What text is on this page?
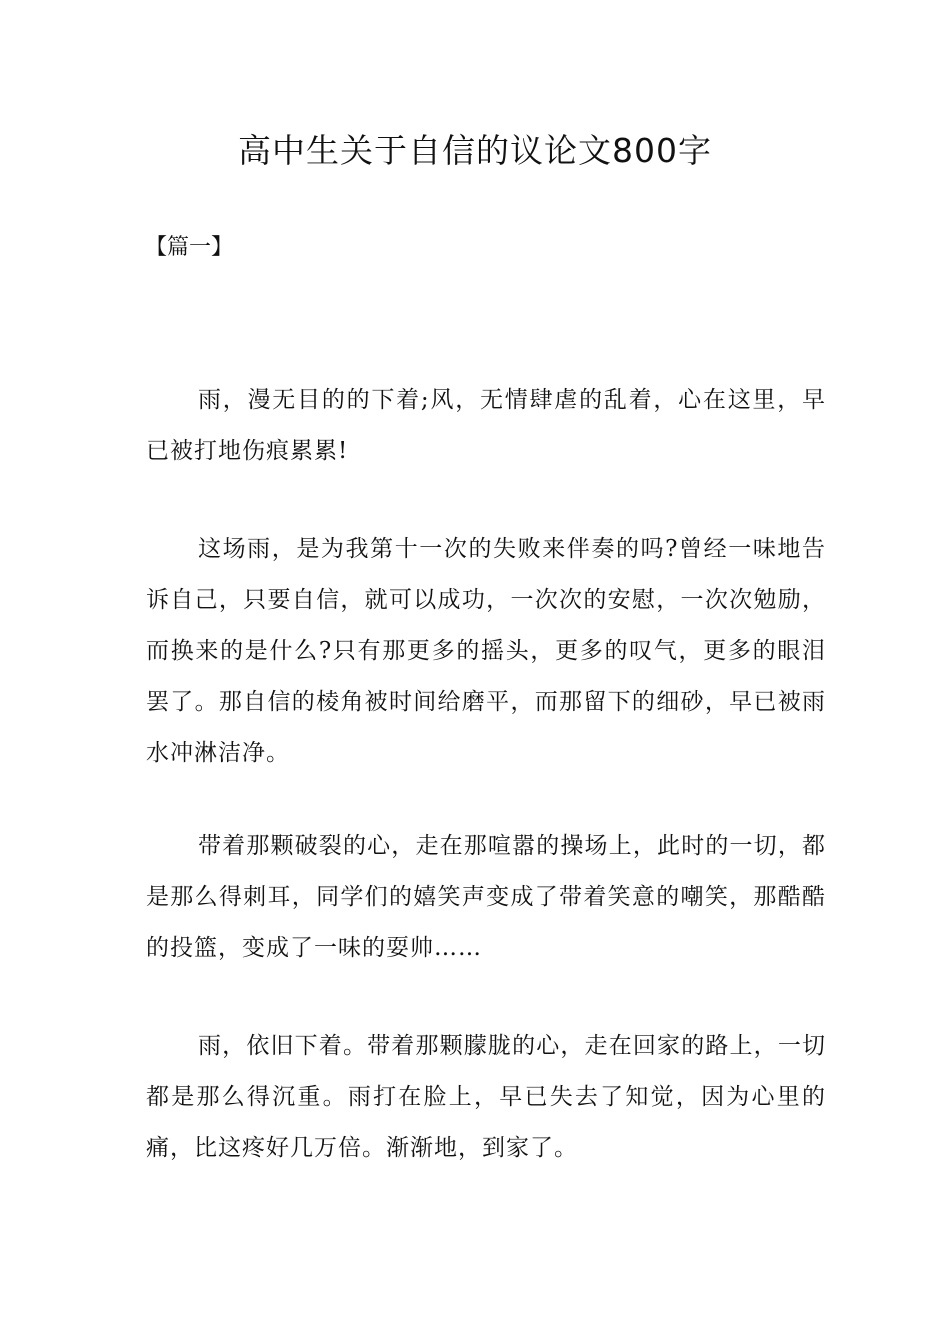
高中生关于自信的议论文800字

【篇一】

雨，漫无目的的下着;风，无情肆虐的乱着，心在这里，早已被打地伤痕累累!

这场雨，是为我第十一次的失败来伴奏的吗?曾经一味地告诉自己，只要自信，就可以成功，一次次的安慰，一次次勉励，而换来的是什么?只有那更多的摇头，更多的叹气，更多的眼泪罢了。那自信的棱角被时间给磨平，而那留下的细砂，早已被雨水冲淋洁净。

带着那颗破裂的心，走在那喧嚣的操场上，此时的一切，都是那么得刺耳，同学们的嬉笑声变成了带着笑意的嘲笑，那酷酷的投篮，变成了一味的耍帅……

雨，依旧下着。带着那颗朦胧的心，走在回家的路上，一切都是那么得沉重。雨打在脸上，早已失去了知觉，因为心里的痛，比这疼好几万倍。渐渐地，到家了。
